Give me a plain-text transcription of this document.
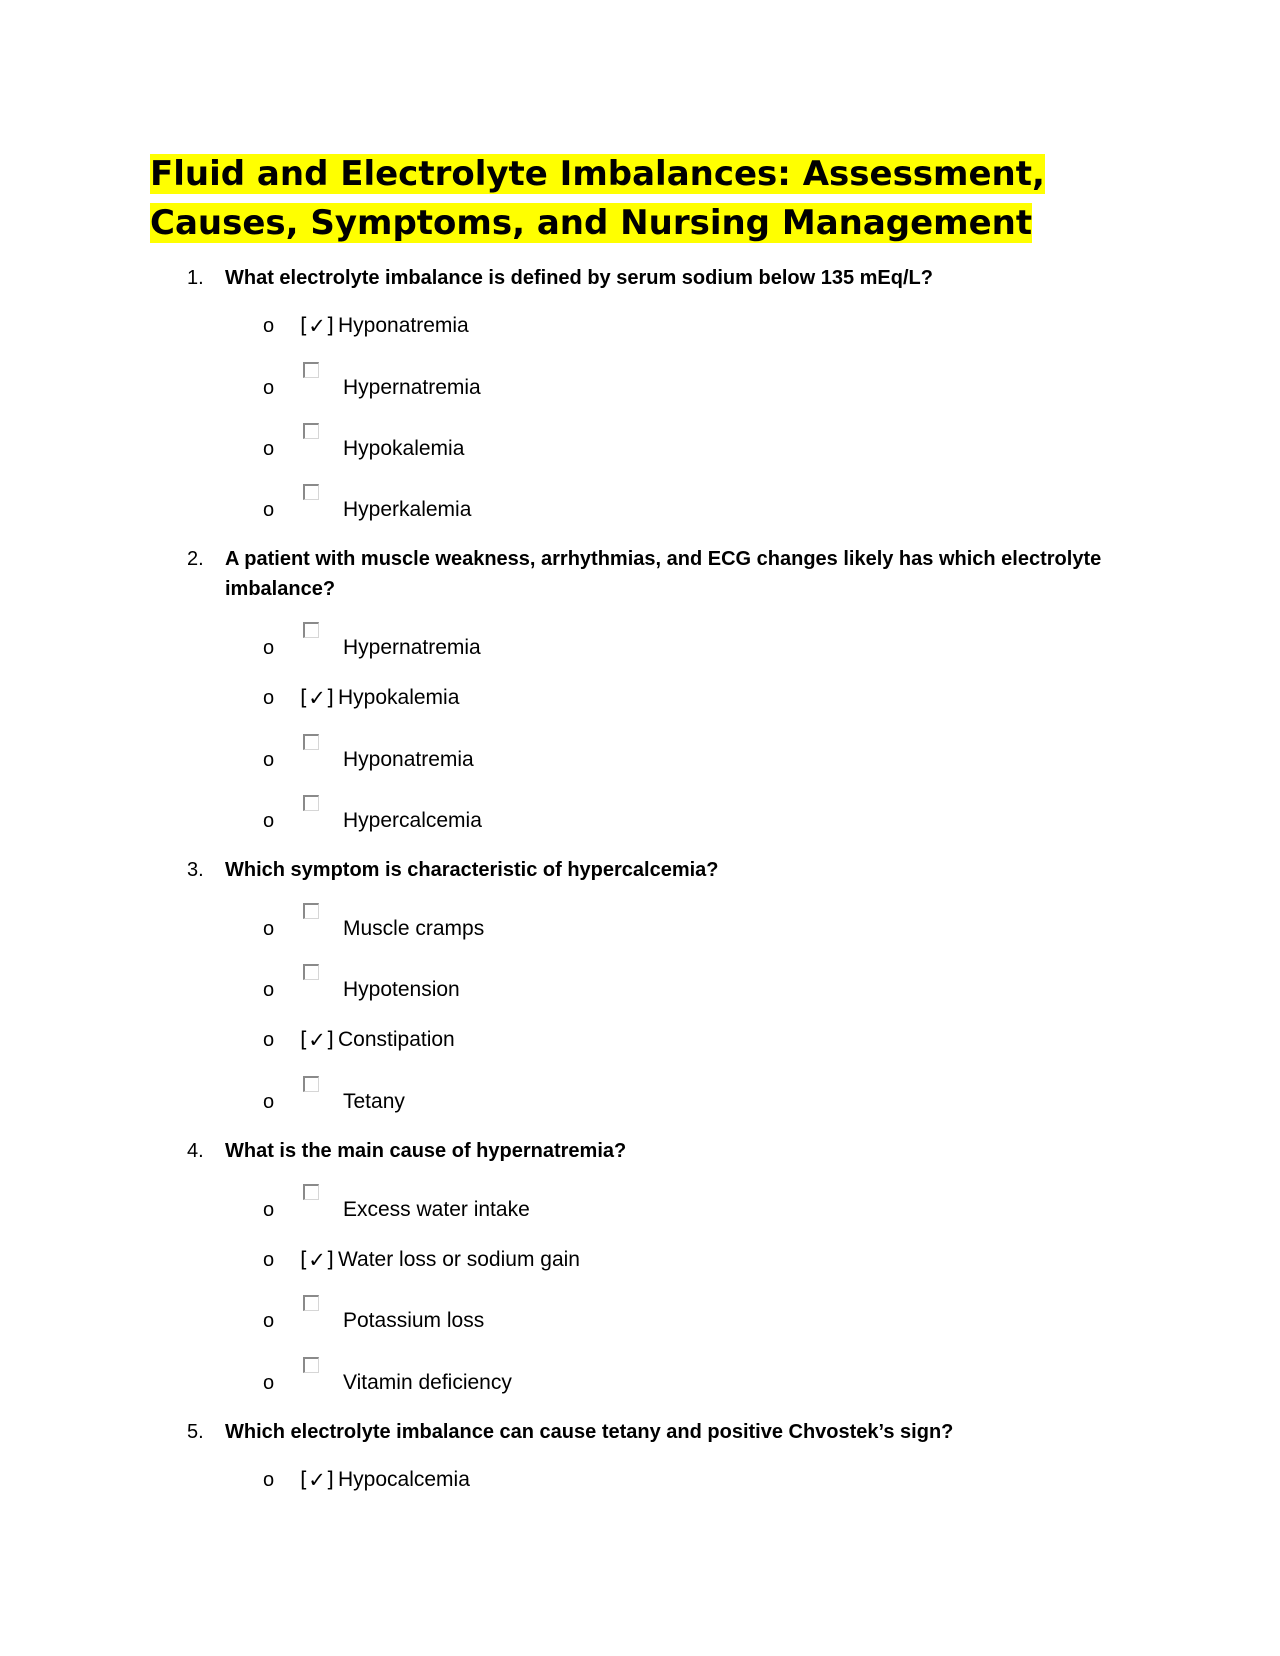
Fluid and Electrolyte Imbalances: Assessment, Causes, Symptoms, and Nursing Management
1. What electrolyte imbalance is defined by serum sodium below 135 mEq/L?
o [✓] Hyponatremia
o	Hypernatremia
o	Hypokalemia
o	Hyperkalemia
2. A patient with muscle weakness, arrhythmias, and ECG changes likely has which electrolyte imbalance?
o	Hypernatremia
o [✓] Hypokalemia
o	Hyponatremia
o	Hypercalcemia
3. Which symptom is characteristic of hypercalcemia?
o	Muscle cramps
o	Hypotension
o [✓] Constipation
o	Tetany
4. What is the main cause of hypernatremia?
o	Excess water intake
o [✓] Water loss or sodium gain
o	Potassium loss
o	Vitamin deficiency
5. Which electrolyte imbalance can cause tetany and positive Chvostek’s sign?
o [✓] Hypocalcemia
